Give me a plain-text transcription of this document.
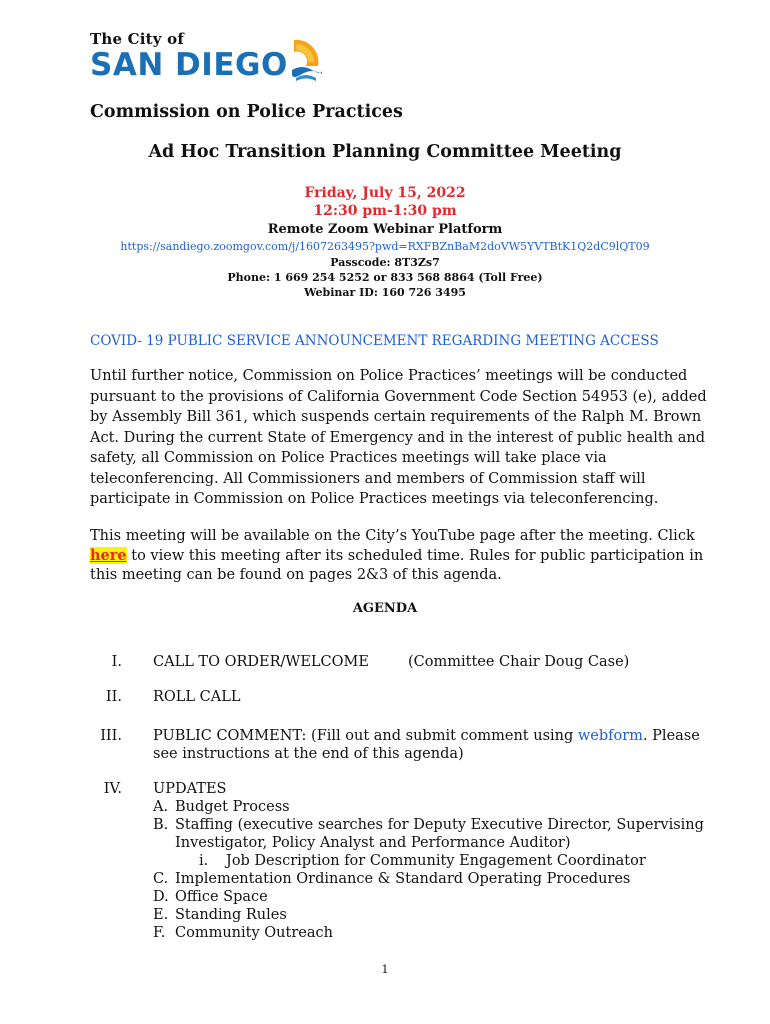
The City of
SAN DIEGO
Commission on Police Practices
Ad Hoc Transition Planning Committee Meeting
Friday, July 15, 2022
12:30 pm-1:30 pm
Remote Zoom Webinar Platform
https://sandiego.zoomgov.com/j/1607263495?pwd=RXFBZnBaM2doVW5YVTBtK1Q2dC9lQT09
Passcode: 8T3Zs7
Phone: 1 669 254 5252 or 833 568 8864 (Toll Free)
Webinar ID: 160 726 3495
COVID- 19 PUBLIC SERVICE ANNOUNCEMENT REGARDING MEETING ACCESS
Until further notice, Commission on Police Practices’ meetings will be conducted
pursuant to the provisions of California Government Code Section 54953 (e), added
by Assembly Bill 361, which suspends certain requirements of the Ralph M. Brown
Act. During the current State of Emergency and in the interest of public health and
safety, all Commission on Police Practices meetings will take place via
teleconferencing. All Commissioners and members of Commission staff will
participate in Commission on Police Practices meetings via teleconferencing.
This meeting will be available on the City’s YouTube page after the meeting. Click
here to view this meeting after its scheduled time. Rules for public participation in
this meeting can be found on pages 2&3 of this agenda.
AGENDA
I. CALL TO ORDER/WELCOME	(Committee Chair Doug Case)
II. ROLL CALL
III. PUBLIC COMMENT: (Fill out and submit comment using webform. Please
see instructions at the end of this agenda)
IV. UPDATES
A. Budget Process
B. Staffing (executive searches for Deputy Executive Director, Supervising
Investigator, Policy Analyst and Performance Auditor)
i. Job Description for Community Engagement Coordinator
C. Implementation Ordinance & Standard Operating Procedures
D. Office Space
E. Standing Rules
F. Community Outreach
1
